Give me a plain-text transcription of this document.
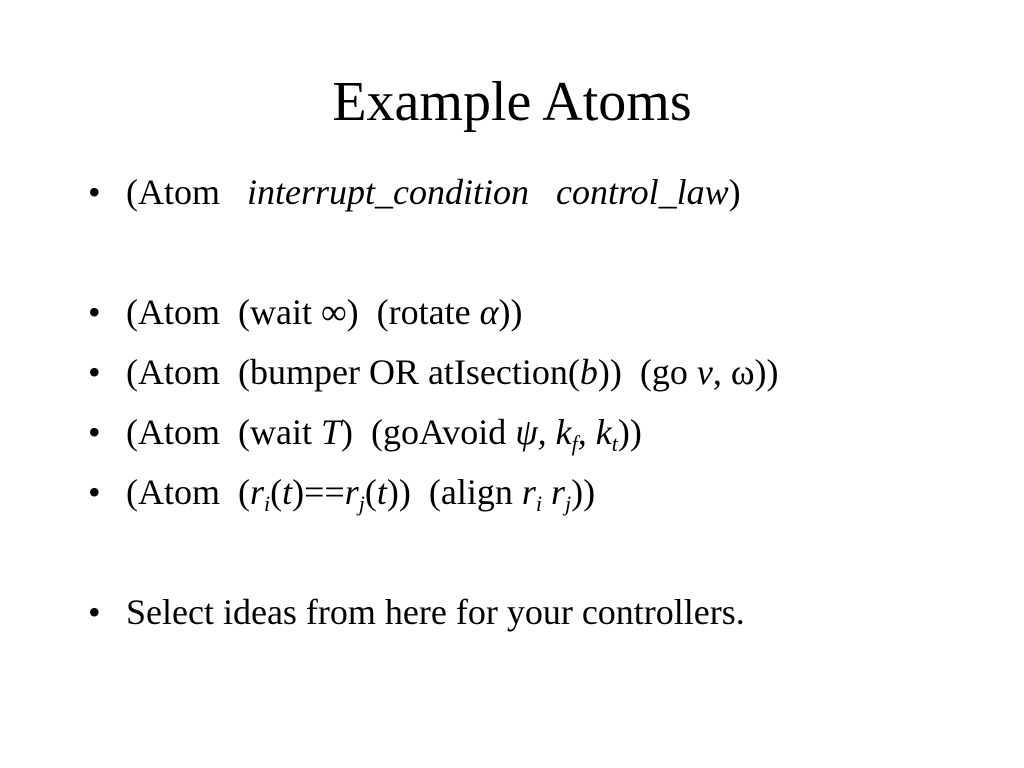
Example Atoms
• (Atom   interrupt_condition control_law)
• (Atom  (wait ∞)  (rotate α))
• (Atom  (bumper OR atIsection(b))  (go v, ω))
• (Atom  (wait T)  (goAvoid ψ, $k_f$, $k_t$))
• (Atom  $(r_i(t)==r_j(t))$  (align $r_i$ $r_j$))
• Select ideas from here for your controllers.
